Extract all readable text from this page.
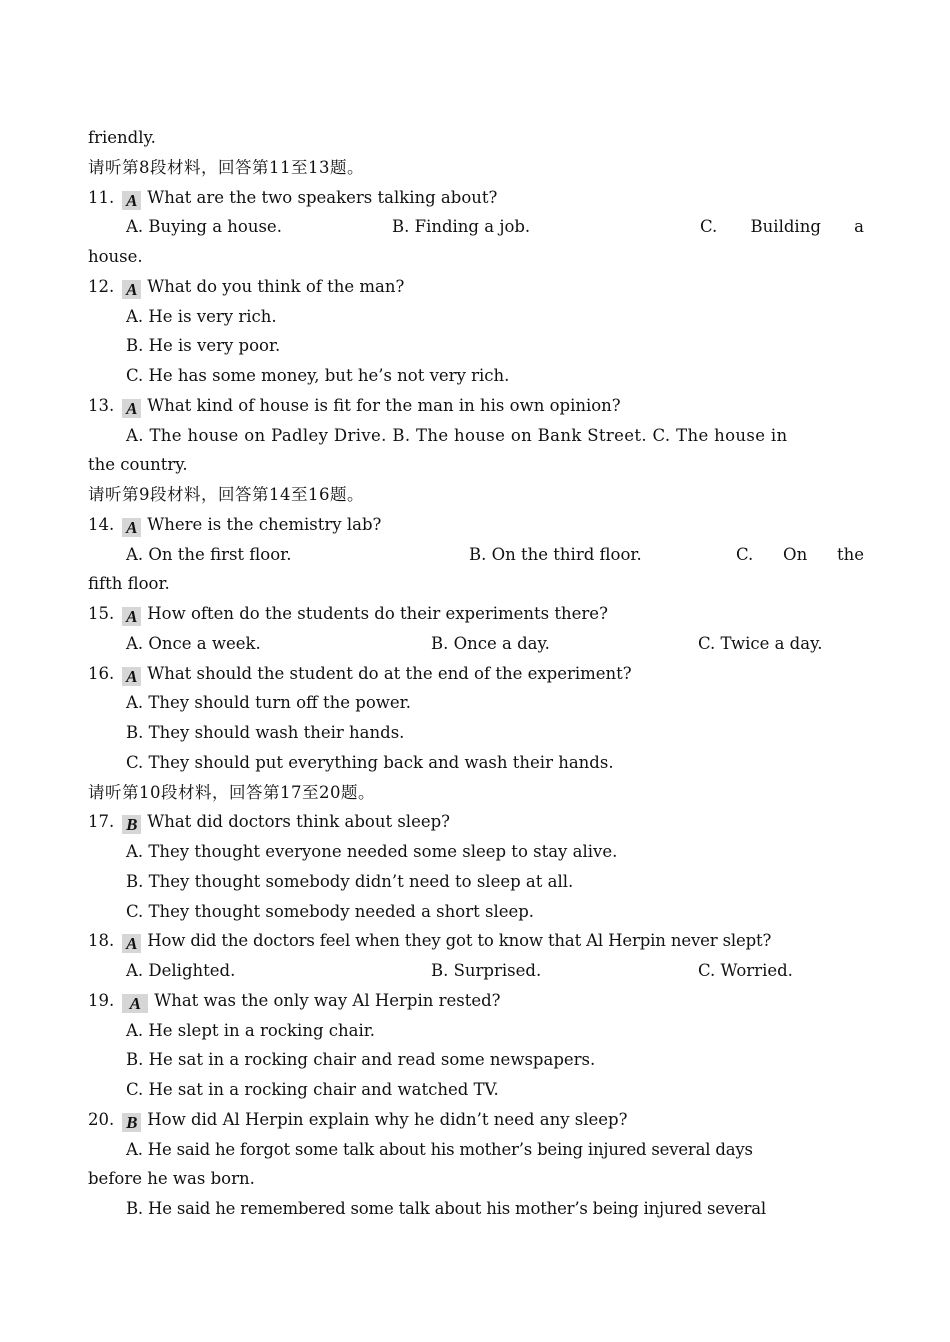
friendly.
请听第8段材料，回答第11至13题。
11. A What are the two speakers talking about?
A. Buying a house.	B. Finding a job.	C. Building a
house.
12. A What do you think of the man?
A. He is very rich.
B. He is very poor.
C. He has some money, but he’s not very rich.
13. A What kind of house is fit for the man in his own opinion?
A. The house on Padley Drive. B. The house on Bank Street. C. The house in
the country.
请听第9段材料，回答第14至16题。
14. A Where is the chemistry lab?
A. On the first floor.	B. On the third floor.	C. On the
fifth floor.
15. A How often do the students do their experiments there?
A. Once a week.	B. Once a day.	C. Twice a day.
16. A What should the student do at the end of the experiment?
A. They should turn off the power.
B. They should wash their hands.
C. They should put everything back and wash their hands.
请听第10段材料，回答第17至20题。
17. B What did doctors think about sleep?
A. They thought everyone needed some sleep to stay alive.
B. They thought somebody didn’t need to sleep at all.
C. They thought somebody needed a short sleep.
18. A How did the doctors feel when they got to know that Al Herpin never slept?
A. Delighted.	B. Surprised.	C. Worried.
19. A What was the only way Al Herpin rested?
A. He slept in a rocking chair.
B. He sat in a rocking chair and read some newspapers.
C. He sat in a rocking chair and watched TV.
20. B How did Al Herpin explain why he didn’t need any sleep?
A. He said he forgot some talk about his mother’s being injured several days
before he was born.
B. He said he remembered some talk about his mother’s being injured several
